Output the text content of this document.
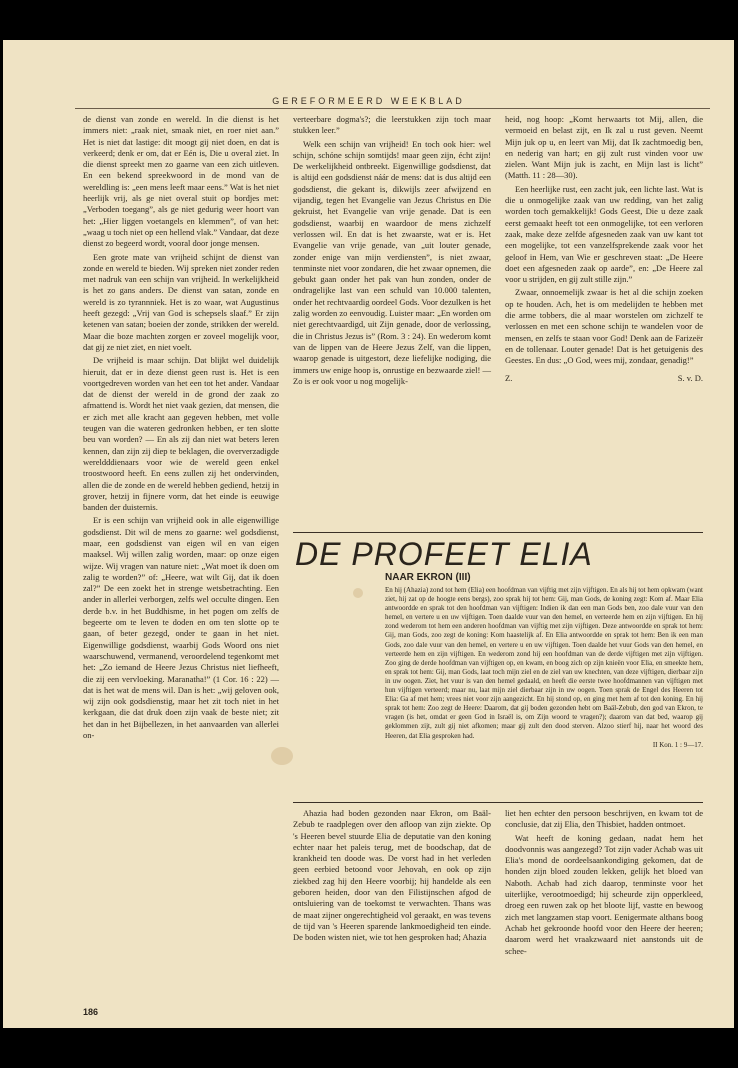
GEREFORMEERD WEEKBLAD

de dienst van zonde en wereld. In die dienst is het immers niet: „raak niet, smaak niet, en roer niet aan.” Het is niet dat lastige: dit moogt gij niet doen, en dat is verkeerd; denk er om, dat er Eén is, Die u overal ziet. In die dienst spreekt men zo gaarne van een zich uitleven. En een bekend spreekwoord in de mond van de wereldling is: „een mens leeft maar eens.” Wat is het niet heerlijk vrij, als ge niet overal stuit op bordjes met: „Verboden toegang”, als ge niet gedurig weer hoort van het: „Hier liggen voetangels en klemmen”, of van het: „waag u toch niet op een hellend vlak.” Vandaar, dat deze dienst zo begeerd wordt, vooral door jonge mensen.

Een grote mate van vrijheid schijnt de dienst van zonde en wereld te bieden. Wij spreken niet zonder reden met nadruk van een schijn van vrijheid. In werkelijkheid is het zo gans anders. De dienst van satan, zonde en wereld is zo tyrannniek. Het is zo waar, wat Augustinus heeft gezegd: „Vrij van God is schepsels slaaf.” Er zijn ketenen van satan; boeien der zonde, strikken der wereld. Maar die boze machten zorgen er zoveel mogelijk voor, dat gij ze niet ziet, en niet voelt.

De vrijheid is maar schijn. Dat blijkt wel duidelijk hieruit, dat er in deze dienst geen rust is. Het is een voortgedreven worden van het een tot het ander. Vandaar dat de dienst der wereld in de grond der zaak zo afmattend is. Wordt het niet vaak gezien, dat mensen, die er zich met alle kracht aan gegeven hebben, met volle teugen van die wateren gedronken hebben, er ten slotte beu van worden? — En als zij dan niet wat beters leren kennen, dan zijn zij diep te beklagen, die oververzadigde wereldddienaars voor wie de wereld geen enkel troostwoord heeft. En eens zullen zij het ondervinden, allen die de zonde en de wereld hebben gediend, hetzij in grover, hetzij in fijnere vorm, dat het einde is eeuwige banden der duisternis.

Er is een schijn van vrijheid ook in alle eigenwillige godsdienst. Dit wil de mens zo gaarne: wel godsdienst, maar, een godsdienst van eigen wil en van eigen maaksel. Wij willen zalig worden, maar: op onze eigen wijze. Wij vragen van nature niet: „Wat moet ik doen om zalig te worden?” of: „Heere, wat wilt Gij, dat ik doen zal?” De een zoekt het in strenge wetsbetrachting. Een ander in allerlei verborgen, zelfs wel occulte dingen. Een derde b.v. in het Buddhisme, in het pogen om zelfs de begeerte om te leven te doden en om ten slotte op te gaan, of beter gezegd, onder te gaan in het niet. Eigenwillige godsdienst, waarbij Gods Woord ons niet waarschuwend, vermanend, veroordelend tegenkomt met het: „Zo iemand de Heere Jezus Christus niet liefheeft, die zij een vervloeking. Maranatha!” (1 Cor. 16 : 22) — dat is het wat de mens wil. Dan is het: „wij geloven ook, wij zijn ook godsdienstig, maar het zit toch niet in het kerkgaan, die dat druk doen zijn vaak de beste niet; zit het dan in het Bijbellezen, in het aanvaarden van allerlei on-

verteerbare dogma's?; die leerstukken zijn toch maar stukken leer.”

Welk een schijn van vrijheid! En toch ook hier: wel schijn, schóne schijn somtijds! maar geen zijn, écht zijn! De werkelijkheid ontbreekt. Eigenwillige godsdienst, dat is altijd een godsdienst náár de mens: dat is dus altijd een godsdienst, die gekant is, dikwijls zeer afwijzend en vijandig, tegen het Evangelie van Jezus Christus en Die gekruist, het Evangelie van vrije genade. Dat is een godsdienst, waarbij en waardoor de mens zichzelf verlossen wil. En dat is het zwaarste, wat er is. Het Evangelie van vrije genade, van „uit louter genade, zonder enige van mijn verdiensten”, is niet zwaar, tenminste niet voor zondaren, die het zwaar opnemen, die gebukt gaan onder het pak van hun zonden, onder de ondragelijke last van een schuld van 10.000 talenten, onder het rechtvaardig oordeel Gods. Voor dezulken is het zalig worden zo eenvoudig. Luister maar: „En worden om niet gerechtvaardigd, uit Zijn genade, door de verlossing, die in Christus Jezus is” (Rom. 3 : 24). En wederom komt van de lippen van de Heere Jezus Zelf, van die lippen, waarop genade is uitgestort, deze liefelijke nodiging, die immers uw enige hoop is, onrustige en bezwaarde ziel! — Zo is er ook voor u nog mogelijk-

heid, nog hoop: „Komt herwaarts tot Mij, allen, die vermoeid en belast zijt, en Ik zal u rust geven. Neemt Mijn juk op u, en leert van Mij, dat Ik zachtmoedig ben, en nederig van hart; en gij zult rust vinden voor uw zielen. Want Mijn juk is zacht, en Mijn last is licht” (Matth. 11 : 28—30).

Een heerlijke rust, een zacht juk, een lichte last. Wat is die u onmogelijke zaak van uw redding, van het zalig worden toch gemakkelijk! Gods Geest, Die u deze zaak eerst gemaakt heeft tot een onmogelijke, tot een verloren zaak, make deze zelfde afgesneden zaak van uw kant tot een mogelijke, tot een vanzelfsprekende zaak voor het geloof in Hem, van Wie er geschreven staat: „De Heere doet een afgesneden zaak op aarde”, en: „De Heere zal voor u strijden, en gij zult stille zijn.”

Zwaar, onnoemelijk zwaar is het al die schijn zoeken op te houden. Ach, het is om medelijden te hebben met die arme tobbers, die al maar worstelen om zichzelf te verlossen en met een schone schijn te wandelen voor de mensen, en zelfs te staan voor God! Denk aan de Farizeër en de tollenaar. Louter genade! Dat is het getuigenis des Geestes. En dus: „O God, wees mij, zondaar, genadig!”

Z.	S. v. D.
DE PROFEET ELIA
NAAR EKRON (III)
En hij (Ahazia) zond tot hem (Elia) een hoofdman van vijftig met zijn vijftigen. En als hij tot hem opkwam (want ziet, hij zat op de hoogte eens bergs), zoo sprak hij tot hem: Gij, man Gods, de koning zegt: Kom af. Maar Elia antwoordde en sprak tot den hoofdman van vijftigen: Indien ik dan een man Gods ben, zoo dale vuur van den hemel, en vertere u en uw vijftigen. Toen daalde vuur van den hemel, en verteerde hem en zijn vijftigen. En hij zond wederom tot hem een anderen hoofdman van vijftig met zijn vijftigen. Deze antwoordde en sprak tot hem: Gij, man Gods, zoo zegt de koning: Kom haastelijk af. En Elia antwoordde en sprak tot hem: Ben ik een man Gods, zoo dale vuur van den hemel, en vertere u en uw vijftigen. Toen daalde het vuur Gods van den hemel, en verteerde hem en zijn vijftigen. En wederom zond hij een hoofdman van de derde vijftigen met zijn vijftigen. Zoo ging de derde hoofdman van vijftigen op, en kwam, en boog zich op zijn knieën voor Elia, en smeekte hem, en sprak tot hem: Gij, man Gods, laat toch mijn ziel en de ziel van uw knechten, van deze vijftigen, dierbaar zijn in uw oogen. Ziet, het vuur is van den hemel gedaald, en heeft die eerste twee hoofdmannen van vijftigen met hun vijftigen verteerd; maar nu, laat mijn ziel dierbaar zijn in uw oogen. Toen sprak de Engel des Heeren tot Elia: Ga af met hem; vrees niet voor zijn aangezicht. En hij stond op, en ging met hem af tot den koning. En hij sprak tot hem: Zoo zegt de Heere: Daarom, dat gij boden gezonden hebt om Baäl-Zebub, den god van Ekron, te vragen (is het, omdat er geen God in Israël is, om Zijn woord te vragen?); daarom van dat bed, waarop gij geklommen zijt, zult gij niet afkomen; maar gij zult den dood sterven. Alzoo stierf hij, naar het woord des Heeren, dat Elia gesproken had.
II Kon. 1 : 9—17.

Ahazia had boden gezonden naar Ekron, om Baäl-Zebub te raadplegen over den afloop van zijn ziekte. Op 's Heeren bevel stuurde Elia de deputatie van den koning echter naar het paleis terug, met de boodschap, dat de krankheid ten doode was. De vorst had in het verleden geen eerbied betoond voor Jehovah, en ook op zijn ziekbed zag hij den Heere voorbij; hij handelde als een geboren heiden, door van den Filistijnschen afgod de ontsluiering van de toekomst te verwachten. Thans was de maat zijner ongerechtigheid vol geraakt, en was tevens de tijd van 's Heeren sparende lankmoedigheid ten einde. De boden wisten niet, wie tot hen gesproken had; Ahazia

liet hen echter den persoon beschrijven, en kwam tot de conclusie, dat zij Elia, den Thisbiet, hadden ontmoet.

Wat heeft de koning gedaan, nadat hem het doodvonnis was aangezegd? Tot zijn vader Achab was uit Elia's mond de oordeelsaankondiging gekomen, dat de honden zijn bloed zouden lekken, gelijk het bloed van Naboth. Achab had zich daarop, tenminste voor het uiterlijke, verootmoedigd; hij scheurde zijn opperkleed, droeg een ruwen zak op het bloote lijf, vastte en bewoog zich met langzamen stap voort. Eenigermate althans boog Achab het gekroonde hoofd voor den Heere der heeren; daarom werd het vraakzwaard niet aanstonds uit de schee-

186
